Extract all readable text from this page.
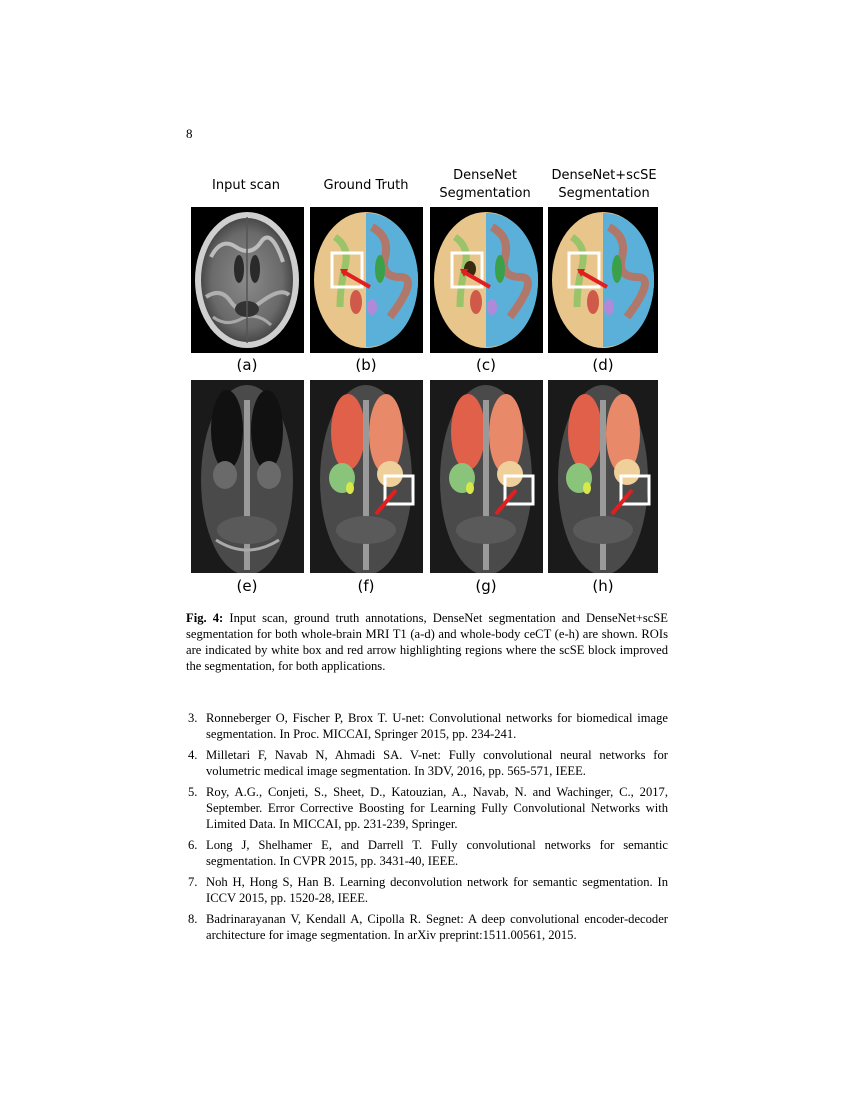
8
Input scan	Ground Truth
DenseNet
Segmentation
DenseNet+scSE
Segmentation
(a)	(b)	(c)	(d)
(e)	(f)	(g)	(h)
Fig. 4: Input scan, ground truth annotations, DenseNet segmentation and DenseNet+scSE segmentation for both whole-brain MRI T1 (a-d) and whole-body ceCT (e-h) are shown. ROIs are indicated by white box and red arrow highlighting regions where the scSE block improved the segmentation, for both applications.
3. Ronneberger O, Fischer P, Brox T. U-net: Convolutional networks for biomedical image segmentation. In Proc. MICCAI, Springer 2015, pp. 234-241.
4. Milletari F, Navab N, Ahmadi SA. V-net: Fully convolutional neural networks for volumetric medical image segmentation. In 3DV, 2016, pp. 565-571, IEEE.
5. Roy, A.G., Conjeti, S., Sheet, D., Katouzian, A., Navab, N. and Wachinger, C., 2017, September. Error Corrective Boosting for Learning Fully Convolutional Networks with Limited Data. In MICCAI, pp. 231-239, Springer.
6. Long J, Shelhamer E, and Darrell T. Fully convolutional networks for semantic segmentation. In CVPR 2015, pp. 3431-40, IEEE.
7. Noh H, Hong S, Han B. Learning deconvolution network for semantic segmentation. In ICCV 2015, pp. 1520-28, IEEE.
8. Badrinarayanan V, Kendall A, Cipolla R. Segnet: A deep convolutional encoder-decoder architecture for image segmentation. In arXiv preprint:1511.00561, 2015.
